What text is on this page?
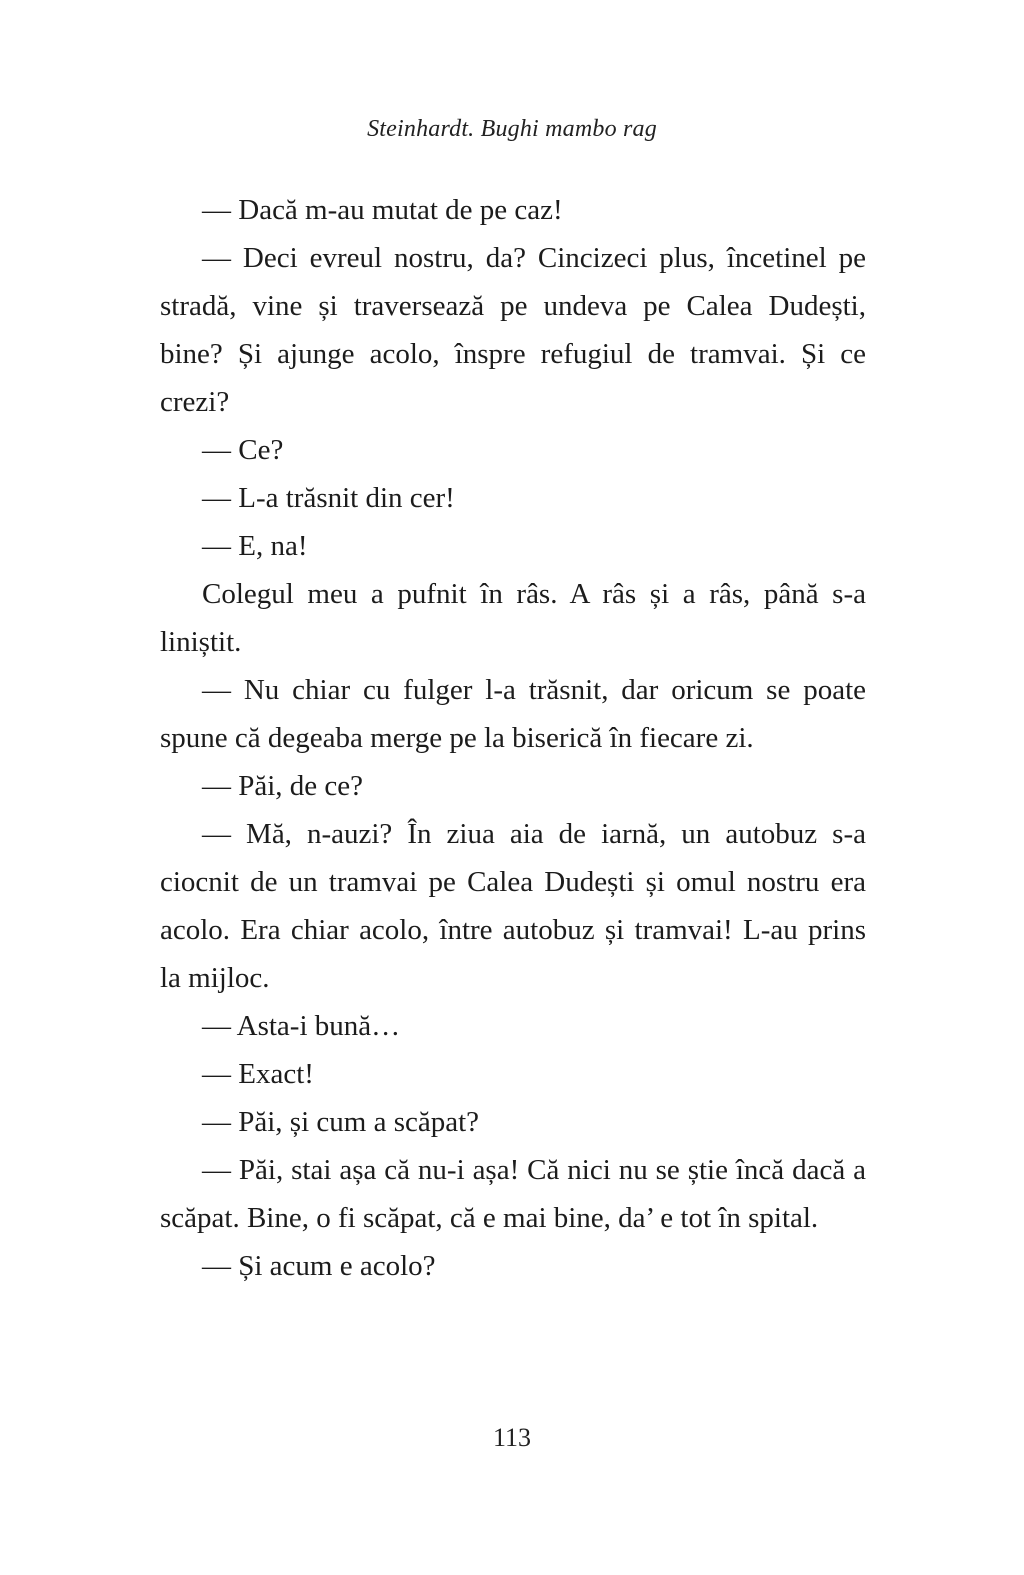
Steinhardt. Bughi mambo rag

— Dacă m-au mutat de pe caz!

— Deci evreul nostru, da? Cincizeci plus, încetinel pe stradă, vine și traversează pe undeva pe Calea Dudești, bine? Și ajunge acolo, înspre refugiul de tramvai. Și ce crezi?

— Ce?

— L-a trăsnit din cer!

— E, na!

Colegul meu a pufnit în râs. A râs și a râs, până s-a liniștit.

— Nu chiar cu fulger l-a trăsnit, dar oricum se poate spune că degeaba merge pe la biserică în fiecare zi.

— Păi, de ce?

— Mă, n-auzi? În ziua aia de iarnă, un autobuz s-a ciocnit de un tramvai pe Calea Dudești și omul nostru era acolo. Era chiar acolo, între autobuz și tramvai! L-au prins la mijloc.

— Asta-i bună…

— Exact!

— Păi, și cum a scăpat?

— Păi, stai așa că nu-i așa! Că nici nu se știe încă dacă a scăpat. Bine, o fi scăpat, că e mai bine, da’ e tot în spital.

— Și acum e acolo?

113
